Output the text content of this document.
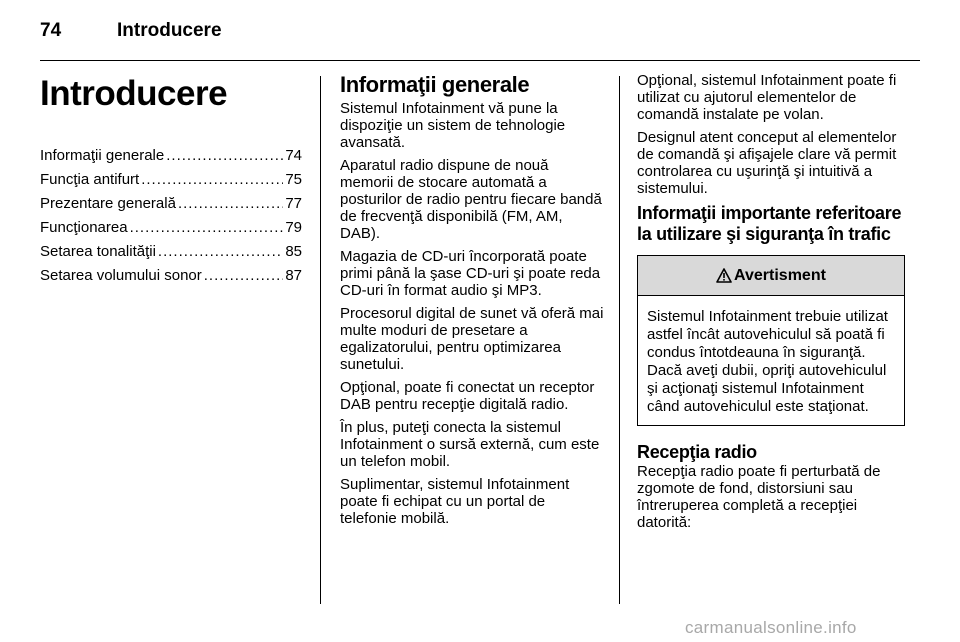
74	Introducere
Introducere
Informaţii generale .....	74
Funcţia antifurt .....	75
Prezentare generală .....	77
Funcţionarea .....	79
Setarea tonalităţii .....	85
Setarea volumului sonor .....	87
Informaţii generale

Sistemul Infotainment vă pune la dispoziţie un sistem de tehnologie avansată.

Aparatul radio dispune de nouă memorii de stocare automată a posturilor de radio pentru fiecare bandă de frecvenţă disponibilă (FM, AM, DAB).

Magazia de CD-uri încorporată poate primi până la şase CD-uri şi poate reda CD-uri în format audio şi MP3.

Procesorul digital de sunet vă oferă mai multe moduri de presetare a egalizatorului, pentru optimizarea sunetului.

Opţional, poate fi conectat un receptor DAB pentru recepţie digitală radio.

În plus, puteţi conecta la sistemul Infotainment o sursă externă, cum este un telefon mobil.

Suplimentar, sistemul Infotainment poate fi echipat cu un portal de telefonie mobilă.

Opţional, sistemul Infotainment poate fi utilizat cu ajutorul elementelor de comandă instalate pe volan.

Designul atent conceput al elementelor de comandă şi afişajele clare vă permit controlarea cu uşurinţă şi intuitivă a sistemului.

Informaţii importante referitoare la utilizare şi siguranţa în trafic
Avertisment
Sistemul Infotainment trebuie utilizat astfel încât autovehiculul să poată fi condus întotdeauna în siguranţă. Dacă aveţi dubii, opriţi autovehiculul şi acţionaţi sistemul Infotainment când autovehiculul este staţionat.
Recepţia radio

Recepţia radio poate fi perturbată de zgomote de fond, distorsiuni sau întreruperea completă a recepţiei datorită:

carmanualsonline.info
